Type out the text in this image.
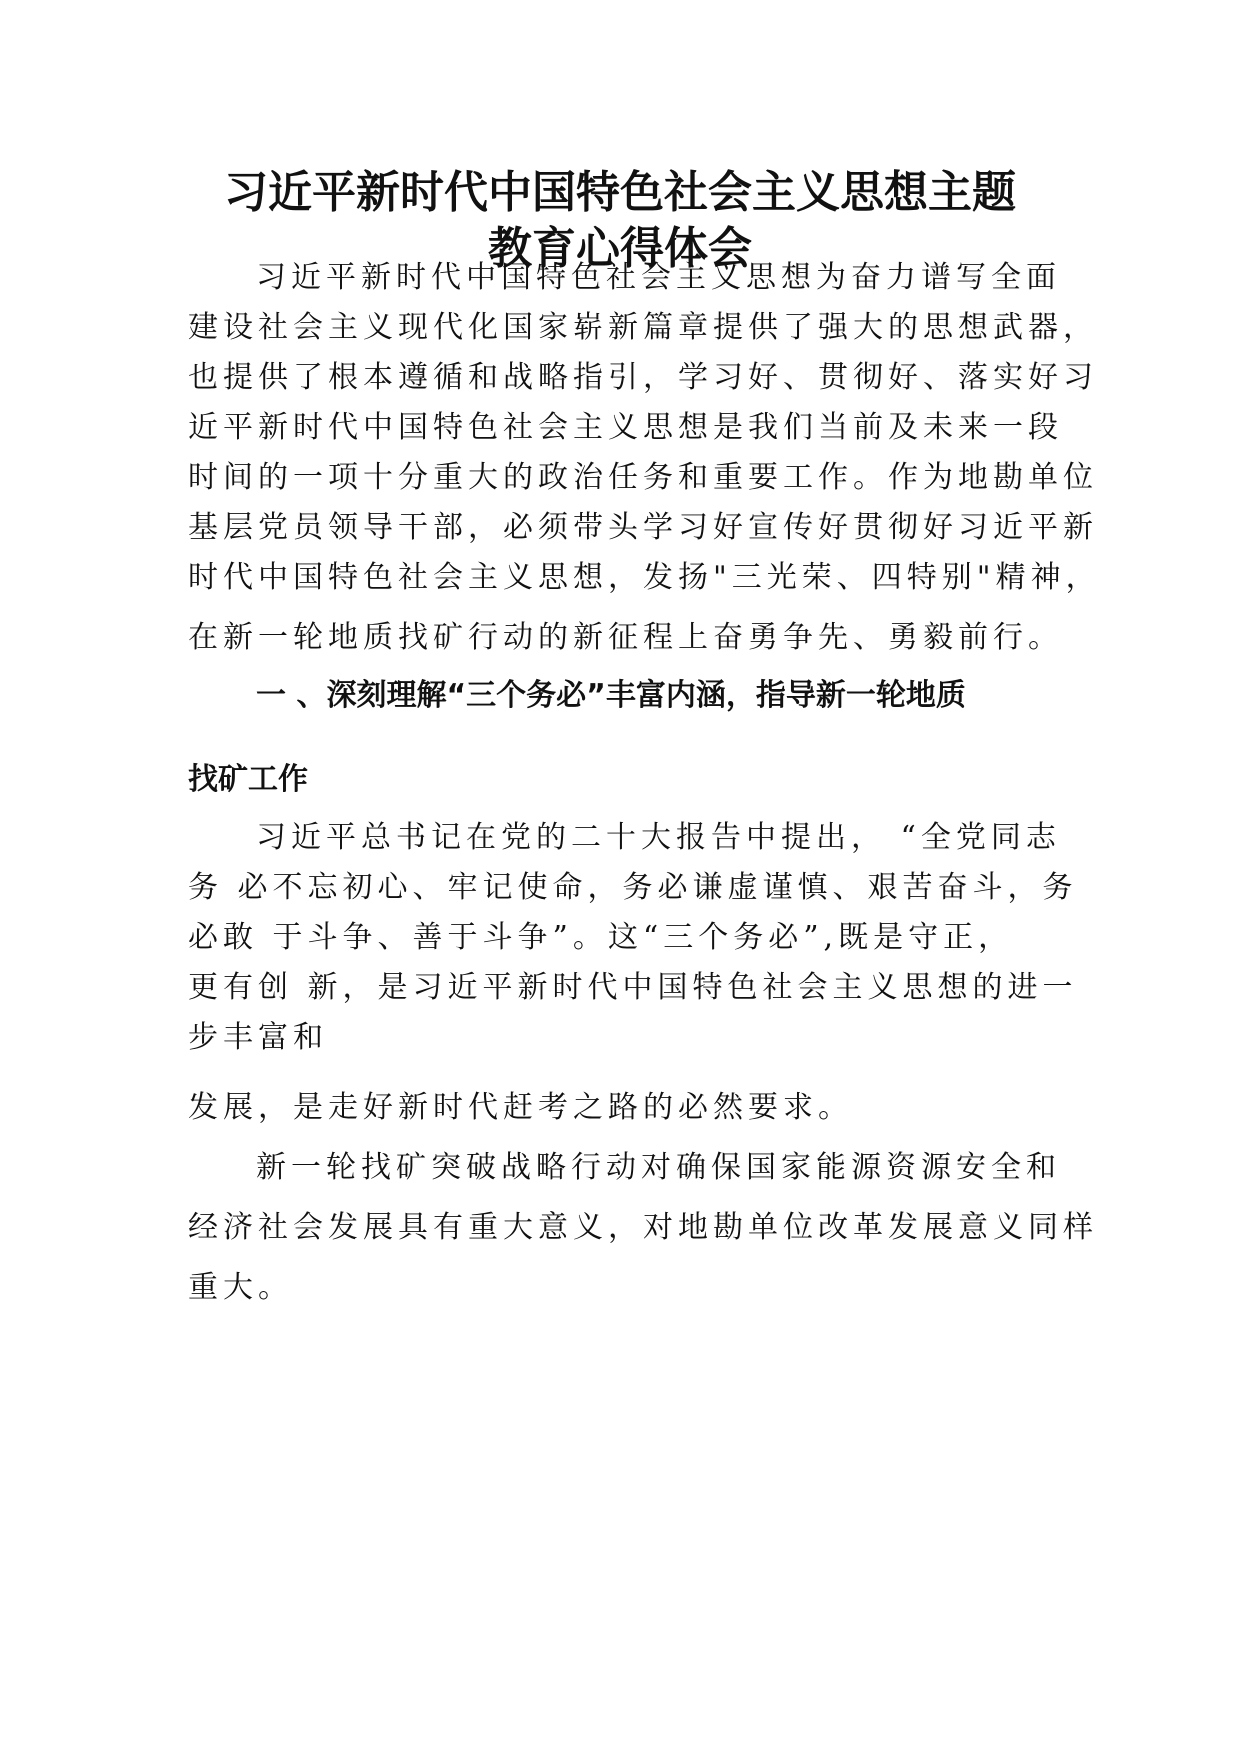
习近平新时代中国特色社会主义思想主题
教育心得体会

习近平新时代中国特色社会主义思想为奋力谱写全面

建设社会主义现代化国家崭新篇章提供了强大的思想武器，

也提供了根本遵循和战略指引，学习好、贯彻好、落实好习

近平新时代中国特色社会主义思想是我们当前及未来一段

时间的一项十分重大的政治任务和重要工作。作为地勘单位

基层党员领导干部，必须带头学习好宣传好贯彻好习近平新

时代中国特色社会主义思想，发扬"三光荣、四特别"精神，

在新一轮地质找矿行动的新征程上奋勇争先、勇毅前行。

一 、深刻理解“三个务必”丰富内涵，指导新一轮地质
找矿工作

习近平总书记在党的二十大报告中提出， “全党同志

务 必不忘初心、牢记使命，务必谦虚谨慎、艰苦奋斗，务

必敢 于斗争、善于斗争”。这“三个务必”,既是守正，

更有创 新，是习近平新时代中国特色社会主义思想的进一

步丰富和

发展，是走好新时代赶考之路的必然要求。

新一轮找矿突破战略行动对确保国家能源资源安全和

经济社会发展具有重大意义，对地勘单位改革发展意义同样

重大。
